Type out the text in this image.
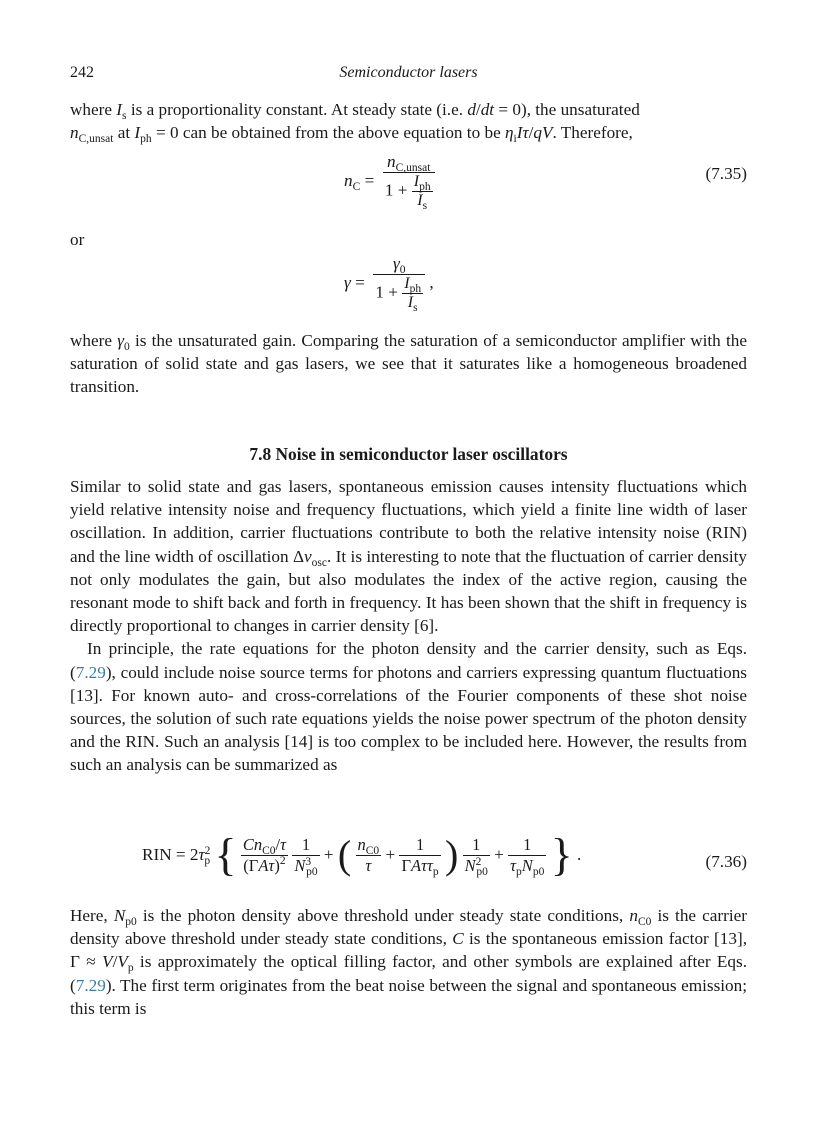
242	Semiconductor lasers

where $I_s$ is a proportionality constant. At steady state (i.e. d/dt = 0), the unsaturated
$n_{C,unsat}$ at $I_{ph} = 0$ can be obtained from the above equation to be $\eta_iI\tau/qV$. Therefore,

$n_C = \frac{n_{C,unsat}}{1 + \frac{I_{ph}}{I_s}}$	(7.35)

or

$\gamma = \frac{\gamma_0}{1 + \frac{I_{ph}}{I_s}}$ ,

where $\gamma_0$ is the unsaturated gain. Comparing the saturation of a semiconductor amplifier with the saturation of solid state and gas lasers, we see that it saturates like a homogeneous broadened transition.

7.8 Noise in semiconductor laser oscillators

Similar to solid state and gas lasers, spontaneous emission causes intensity fluctuations which yield relative intensity noise and frequency fluctuations, which yield a finite line width of laser oscillation. In addition, carrier fluctuations contribute to both the relative intensity noise (RIN) and the line width of oscillation $\Delta\nu_{osc}$. It is interesting to note that the fluctuation of carrier density not only modulates the gain, but also modulates the index of the active region, causing the resonant mode to shift back and forth in frequency. It has been shown that the shift in frequency is directly proportional to changes in carrier density [6].

In principle, the rate equations for the photon density and the carrier density, such as Eqs. (7.29), could include noise source terms for photons and carriers expressing quantum fluctuations [13]. For known auto- and cross-correlations of the Fourier components of these shot noise sources, the solution of such rate equations yields the noise power spectrum of the photon density and the RIN. Such an analysis [14] is too complex to be included here. However, the results from such an analysis can be summarized as

RIN = $2\tau^2_p$ { $\frac{Cn_{C0}/\tau}{(\Gamma A\tau)^2}$
$\frac{1}{N^3_{p0}}$ + ( $\frac{n_{C0}}{\tau} + \frac{1}{\Gamma A\tau\tau_p}$ ) $\frac{1}{N^2_{p0}} + \frac{1}{\tau_pN_{p0}}$ } .	(7.36)

Here, $N_{p0}$ is the photon density above threshold under steady state conditions, $n_{C0}$ is the carrier density above threshold under steady state conditions, C is the spontaneous emission factor [13], $\Gamma \approx V/V_p$ is approximately the optical filling factor, and other symbols are explained after Eqs. (7.29). The first term originates from the beat noise between the signal and spontaneous emission; this term is
